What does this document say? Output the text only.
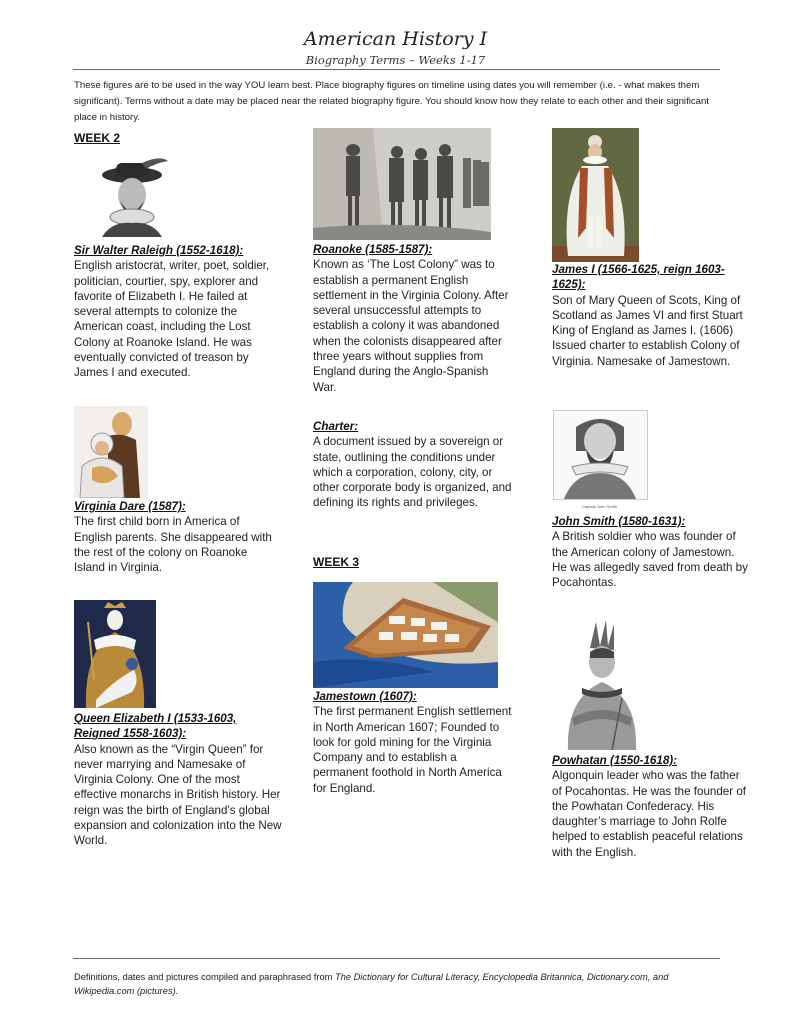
American History I
Biography Terms – Weeks 1-17
These figures are to be used in the way YOU learn best. Place biography figures on timeline using dates you will remember (i.e. - what makes them significant). Terms without a date may be placed near the related biography figure. You should know how they relate to each other and their significant place in history.
WEEK 2
Sir Walter Raleigh (1552-1618):
English aristocrat, writer, poet, soldier, politician, courtier, spy, explorer and favorite of Elizabeth I. He failed at several attempts to colonize the American coast, including the Lost Colony at Roanoke Island. He was eventually convicted of treason by James I and executed.
Virginia Dare (1587):
The first child born in America of English parents. She disappeared with the rest of the colony on Roanoke Island in Virginia.
Queen Elizabeth I (1533-1603, Reigned 1558-1603):
Also known as the “Virgin Queen” for never marrying and Namesake of Virginia Colony. One of the most effective monarchs in British history. Her reign was the birth of England’s global expansion and colonization into the New World.
Roanoke (1585-1587):
Known as ‘The Lost Colony” was to establish a permanent English settlement in the Virginia Colony. After several unsuccessful attempts to establish a colony it was abandoned when the colonists disappeared after three years without supplies from England during the Anglo-Spanish War.
Charter:
A document issued by a sovereign or state, outlining the conditions under which a corporation, colony, city, or other corporate body is organized, and defining its rights and privileges.
WEEK 3
Jamestown (1607):
The first permanent English settlement in North American 1607; Founded to look for gold mining for the Virginia Company and to establish a permanent foothold in North America for England.
James I (1566-1625, reign 1603-1625):
Son of Mary Queen of Scots, King of Scotland as James VI and first Stuart King of England as James I. (1606) Issued charter to establish Colony of Virginia. Namesake of Jamestown.
Captain John Smith
John Smith (1580-1631):
A British soldier who was founder of the American colony of Jamestown. He was allegedly saved from death by Pocahontas.
Powhatan (1550-1618):
Algonquin leader who was the father of Pocahontas. He was the founder of the Powhatan Confederacy. His daughter’s marriage to John Rolfe helped to establish peaceful relations with the English.
Definitions, dates and pictures compiled and paraphrased from The Dictionary for Cultural Literacy, Encyclopedia Britannica, Dictionary.com, and Wikipedia.com (pictures).
